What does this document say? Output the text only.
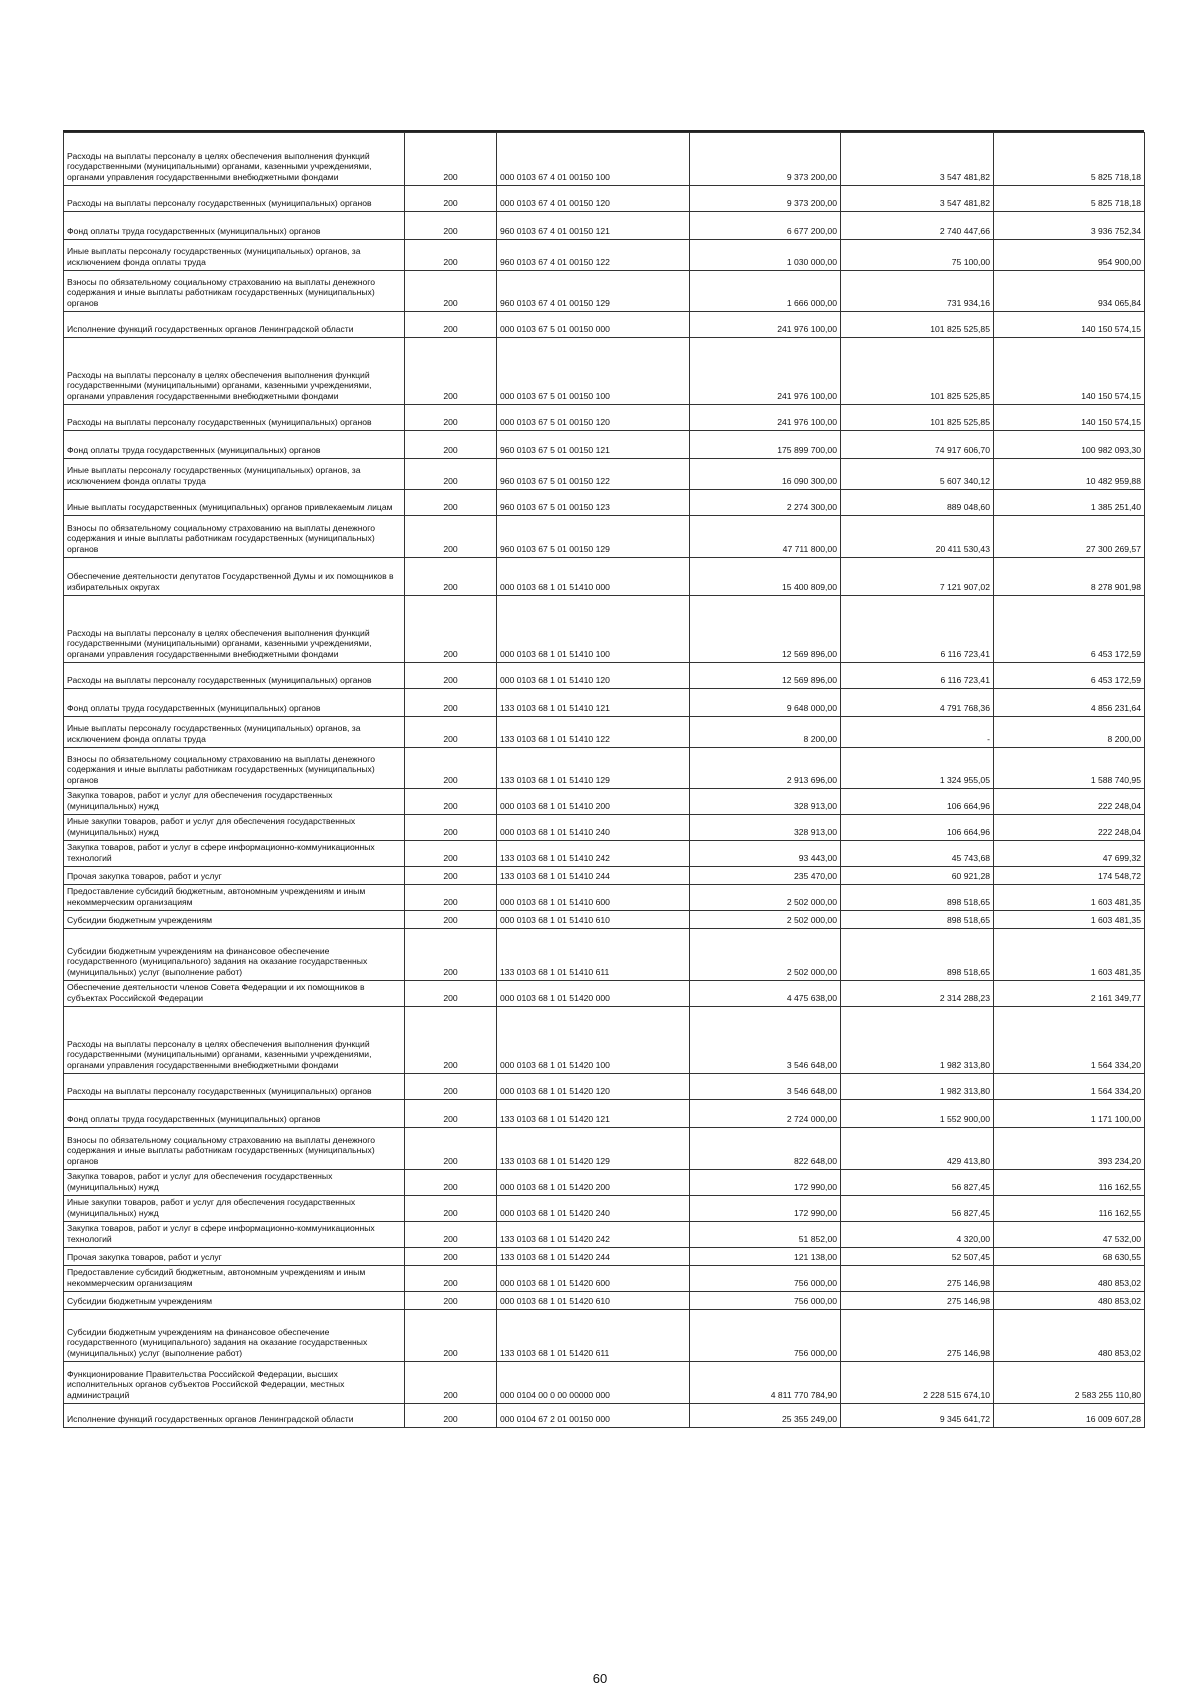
Расходы на выплаты персоналу в целях обеспечения выполнения функций государственными (муниципальными) органами, казенными учреждениями, органами управления государственными внебюджетными фондами	200	000 0103 67 4 01 00150 100	9 373 200,00	3 547 481,82	5 825 718,18
Расходы на выплаты персоналу государственных (муниципальных) органов	200	000 0103 67 4 01 00150 120	9 373 200,00	3 547 481,82	5 825 718,18
Фонд оплаты труда государственных (муниципальных) органов	200	960 0103 67 4 01 00150 121	6 677 200,00	2 740 447,66	3 936 752,34
Иные выплаты персоналу государственных (муниципальных) органов, за исключением фонда оплаты труда	200	960 0103 67 4 01 00150 122	1 030 000,00	75 100,00	954 900,00
Взносы по обязательному социальному страхованию на выплаты денежного содержания и иные выплаты работникам государственных (муниципальных) органов	200	960 0103 67 4 01 00150 129	1 666 000,00	731 934,16	934 065,84
Исполнение функций государственных органов Ленинградской области	200	000 0103 67 5 01 00150 000	241 976 100,00	101 825 525,85	140 150 574,15
Расходы на выплаты персоналу в целях обеспечения выполнения функций государственными (муниципальными) органами, казенными учреждениями, органами управления государственными внебюджетными фондами	200	000 0103 67 5 01 00150 100	241 976 100,00	101 825 525,85	140 150 574,15
Расходы на выплаты персоналу государственных (муниципальных) органов	200	000 0103 67 5 01 00150 120	241 976 100,00	101 825 525,85	140 150 574,15
Фонд оплаты труда государственных (муниципальных) органов	200	960 0103 67 5 01 00150 121	175 899 700,00	74 917 606,70	100 982 093,30
Иные выплаты персоналу государственных (муниципальных) органов, за исключением фонда оплаты труда	200	960 0103 67 5 01 00150 122	16 090 300,00	5 607 340,12	10 482 959,88
Иные выплаты государственных (муниципальных) органов привлекаемым лицам	200	960 0103 67 5 01 00150 123	2 274 300,00	889 048,60	1 385 251,40
Взносы по обязательному социальному страхованию на выплаты денежного содержания и иные выплаты работникам государственных (муниципальных) органов	200	960 0103 67 5 01 00150 129	47 711 800,00	20 411 530,43	27 300 269,57
Обеспечение деятельности депутатов Государственной Думы и их помощников в избирательных округах	200	000 0103 68 1 01 51410 000	15 400 809,00	7 121 907,02	8 278 901,98
Расходы на выплаты персоналу в целях обеспечения выполнения функций государственными (муниципальными) органами, казенными учреждениями, органами управления государственными внебюджетными фондами	200	000 0103 68 1 01 51410 100	12 569 896,00	6 116 723,41	6 453 172,59
Расходы на выплаты персоналу государственных (муниципальных) органов	200	000 0103 68 1 01 51410 120	12 569 896,00	6 116 723,41	6 453 172,59
Фонд оплаты труда государственных (муниципальных) органов	200	133 0103 68 1 01 51410 121	9 648 000,00	4 791 768,36	4 856 231,64
Иные выплаты персоналу государственных (муниципальных) органов, за исключением фонда оплаты труда	200	133 0103 68 1 01 51410 122	8 200,00	-	8 200,00
Взносы по обязательному социальному страхованию на выплаты денежного содержания и иные выплаты работникам государственных (муниципальных) органов	200	133 0103 68 1 01 51410 129	2 913 696,00	1 324 955,05	1 588 740,95
Закупка товаров, работ и услуг для обеспечения государственных (муниципальных) нужд	200	000 0103 68 1 01 51410 200	328 913,00	106 664,96	222 248,04
Иные закупки товаров, работ и услуг для обеспечения государственных (муниципальных) нужд	200	000 0103 68 1 01 51410 240	328 913,00	106 664,96	222 248,04
Закупка товаров, работ и услуг в сфере информационно-коммуникационных технологий	200	133 0103 68 1 01 51410 242	93 443,00	45 743,68	47 699,32
Прочая закупка товаров, работ и услуг	200	133 0103 68 1 01 51410 244	235 470,00	60 921,28	174 548,72
Предоставление субсидий бюджетным, автономным учреждениям и иным некоммерческим организациям	200	000 0103 68 1 01 51410 600	2 502 000,00	898 518,65	1 603 481,35
Субсидии бюджетным учреждениям	200	000 0103 68 1 01 51410 610	2 502 000,00	898 518,65	1 603 481,35
Субсидии бюджетным учреждениям на финансовое обеспечение государственного (муниципального) задания на оказание государственных (муниципальных) услуг (выполнение работ)	200	133 0103 68 1 01 51410 611	2 502 000,00	898 518,65	1 603 481,35
Обеспечение деятельности членов Совета Федерации и их помощников в субъектах Российской Федерации	200	000 0103 68 1 01 51420 000	4 475 638,00	2 314 288,23	2 161 349,77
Расходы на выплаты персоналу в целях обеспечения выполнения функций государственными (муниципальными) органами, казенными учреждениями, органами управления государственными внебюджетными фондами	200	000 0103 68 1 01 51420 100	3 546 648,00	1 982 313,80	1 564 334,20
Расходы на выплаты персоналу государственных (муниципальных) органов	200	000 0103 68 1 01 51420 120	3 546 648,00	1 982 313,80	1 564 334,20
Фонд оплаты труда государственных (муниципальных) органов	200	133 0103 68 1 01 51420 121	2 724 000,00	1 552 900,00	1 171 100,00
Взносы по обязательному социальному страхованию на выплаты денежного содержания и иные выплаты работникам государственных (муниципальных) органов	200	133 0103 68 1 01 51420 129	822 648,00	429 413,80	393 234,20
Закупка товаров, работ и услуг для обеспечения государственных (муниципальных) нужд	200	000 0103 68 1 01 51420 200	172 990,00	56 827,45	116 162,55
Иные закупки товаров, работ и услуг для обеспечения государственных (муниципальных) нужд	200	000 0103 68 1 01 51420 240	172 990,00	56 827,45	116 162,55
Закупка товаров, работ и услуг в сфере информационно-коммуникационных технологий	200	133 0103 68 1 01 51420 242	51 852,00	4 320,00	47 532,00
Прочая закупка товаров, работ и услуг	200	133 0103 68 1 01 51420 244	121 138,00	52 507,45	68 630,55
Предоставление субсидий бюджетным, автономным учреждениям и иным некоммерческим организациям	200	000 0103 68 1 01 51420 600	756 000,00	275 146,98	480 853,02
Субсидии бюджетным учреждениям	200	000 0103 68 1 01 51420 610	756 000,00	275 146,98	480 853,02
Субсидии бюджетным учреждениям на финансовое обеспечение государственного (муниципального) задания на оказание государственных (муниципальных) услуг (выполнение работ)	200	133 0103 68 1 01 51420 611	756 000,00	275 146,98	480 853,02
Функционирование Правительства Российской Федерации, высших исполнительных органов субъектов Российской Федерации, местных администраций	200	000 0104 00 0 00 00000 000	4 811 770 784,90	2 228 515 674,10	2 583 255 110,80
Исполнение функций государственных органов Ленинградской области	200	000 0104 67 2 01 00150 000	25 355 249,00	9 345 641,72	16 009 607,28
60
